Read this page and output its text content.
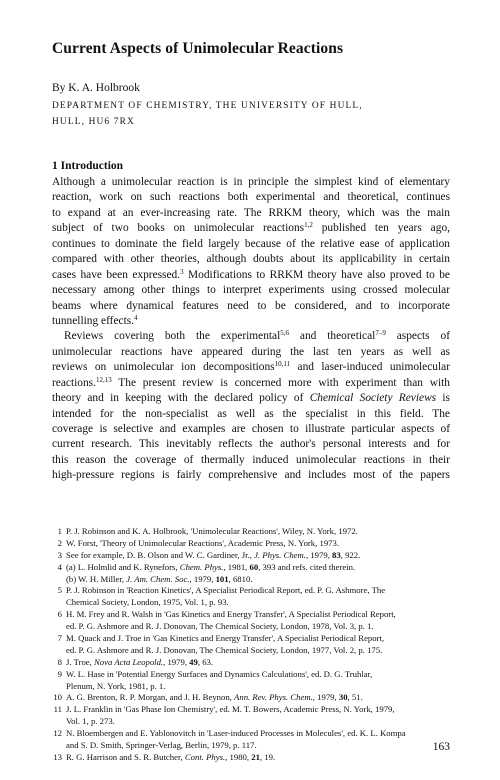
Current Aspects of Unimolecular Reactions
By K. A. Holbrook
DEPARTMENT OF CHEMISTRY, THE UNIVERSITY OF HULL,
HULL, HU6 7RX
1 Introduction
Although a unimolecular reaction is in principle the simplest kind of elementary
reaction, work on such reactions both experimental and theoretical, continues
to expand at an ever-increasing rate. The RRKM theory, which was the main
subject of two books on unimolecular reactions$^{1,2}$ published ten years ago,
continues to dominate the field largely because of the relative ease of application
compared with other theories, although doubts about its applicability in certain
cases have been expressed.$^3$ Modifications to RRKM theory have also proved to be
necessary among other things to interpret experiments using crossed molecular
beams where dynamical features need to be considered, and to incorporate
tunnelling effects.$^4$
Reviews covering both the experimental$^{5,6}$ and theoretical$^{7-9}$ aspects of
unimolecular reactions have appeared during the last ten years as well as
reviews on unimolecular ion decompositions$^{10,11}$ and laser-induced unimolecular
reactions.$^{12,13}$ The present review is concerned more with experiment than with
theory and in keeping with the declared policy of Chemical Society Reviews is
intended for the non-specialist as well as the specialist in this field. The
coverage is selective and examples are chosen to illustrate particular aspects of
current research. This inevitably reflects the author's personal interests and for
this reason the coverage of thermally induced unimolecular reactions in their
high-pressure regions is fairly comprehensive and includes most of the papers
1 P. J. Robinson and K. A. Holbrook, 'Unimolecular Reactions', Wiley, N. York, 1972.
2 W. Forst, 'Theory of Unimolecular Reactions', Academic Press, N. York, 1973.
3 See for example, D. B. Olson and W. C. Gardiner, Jr., J. Phys. Chem., 1979, 83, 922.
4 (a) L. Holmlid and K. Rynefors, Chem. Phys., 1981, 60, 393 and refs. cited therein.
(b) W. H. Miller, J. Am. Chem. Soc., 1979, 101, 6810.
5 P. J. Robinson in 'Reaction Kinetics', A Specialist Periodical Report, ed. P. G. Ashmore, The
Chemical Society, London, 1975, Vol. 1, p. 93.
6 H. M. Frey and R. Walsh in 'Gas Kinetics and Energy Transfer', A Specialist Periodical Report,
ed. P. G. Ashmore and R. J. Donovan, The Chemical Society, London, 1978, Vol. 3, p. 1.
7 M. Quack and J. Troe in 'Gas Kinetics and Energy Transfer', A Specialist Periodical Report,
ed. P. G. Ashmore and R. J. Donovan, The Chemical Society, London, 1977, Vol. 2, p. 175.
8 J. Troe, Nova Acta Leopold., 1979, 49, 63.
9 W. L. Hase in 'Potential Energy Surfaces and Dynamics Calculations', ed. D. G. Truhlar,
Plenum, N. York, 1981, p. 1.
10 A. G. Brenton, R. P. Morgan, and J. H. Beynon, Ann. Rev. Phys. Chem., 1979, 30, 51.
11 J. L. Franklin in 'Gas Phase Ion Chemistry', ed. M. T. Bowers, Academic Press, N. York, 1979,
Vol. 1, p. 273.
12 N. Bloembergen and E. Yablonovitch in 'Laser-induced Processes in Molecules', ed. K. L. Kompa
and S. D. Smith, Springer-Verlag, Berlin, 1979, p. 117.
13 R. G. Harrison and S. R. Butcher, Cont. Phys., 1980, 21, 19.
163
